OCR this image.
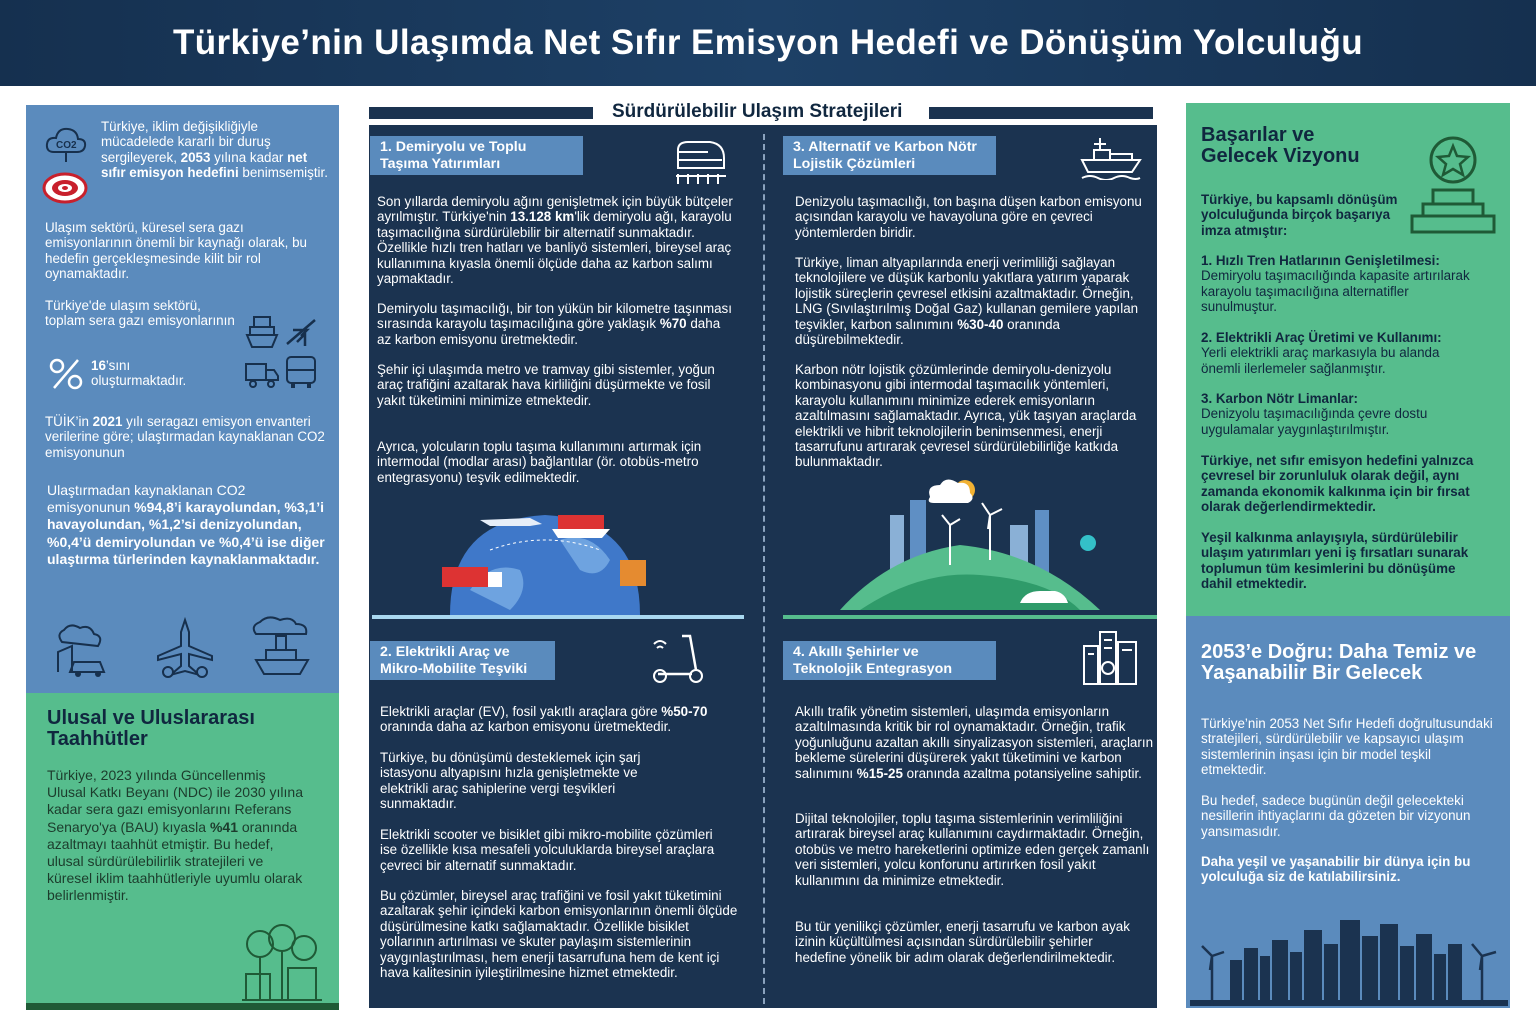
Türkiye’nin Ulaşımda Net Sıfır Emisyon Hedefi ve Dönüşüm Yolculuğu
CO2
Türkiye, iklim değişikliğiyle mücadelede kararlı bir duruş sergileyerek, 2053 yılına kadar net sıfır emisyon hedefini benimsemiştir.
Ulaşım sektörü, küresel sera gazı emisyonlarının önemli bir kaynağı olarak, bu hedefin gerçekleşmesinde kilit bir rol oynamaktadır.
Türkiye'de ulaşım sektörü, toplam sera gazı emisyonlarının
16’sını oluşturmaktadır.
TÜİK’in 2021 yılı seragazı emisyon envanteri verilerine göre; ulaştırmadan kaynaklanan CO2 emisyonunun
Ulaştırmadan kaynaklanan CO2 emisyonunun %94,8’i karayolundan, %3,1’i havayolundan, %1,2’si denizyolundan, %0,4’ü demiryolundan ve %0,4’ü ise diğer ulaştırma türlerinden kaynaklanmaktadır.
Ulusal ve Uluslararası Taahhütler
Türkiye, 2023 yılında Güncellenmiş Ulusal Katkı Beyanı (NDC) ile 2030 yılına kadar sera gazı emisyonlarını Referans Senaryo'ya (BAU) kıyasla %41 oranında azaltmayı taahhüt etmiştir. Bu hedef, ulusal sürdürülebilirlik stratejileri ve küresel iklim taahhütleriyle uyumlu olarak belirlenmiştir.
Sürdürülebilir Ulaşım Stratejileri
1. Demiryolu ve Toplu Taşıma Yatırımları
Son yıllarda demiryolu ağını genişletmek için büyük bütçeler ayrılmıştır. Türkiye'nin 13.128 km'lik demiryolu ağı, karayolu taşımacılığına sürdürülebilir bir alternatif sunmaktadır. Özellikle hızlı tren hatları ve banliyö sistemleri, bireysel araç kullanımına kıyasla önemli ölçüde daha az karbon salımı yapmaktadır.
Demiryolu taşımacılığı, bir ton yükün bir kilometre taşınması sırasında karayolu taşımacılığına göre yaklaşık %70 daha az karbon emisyonu üretmektedir.
Şehir içi ulaşımda metro ve tramvay gibi sistemler, yoğun araç trafiğini azaltarak hava kirliliğini düşürmekte ve fosil yakıt tüketimini minimize etmektedir.
Ayrıca, yolcuların toplu taşıma kullanımını artırmak için intermodal (modlar arası) bağlantılar (ör. otobüs-metro entegrasyonu) teşvik edilmektedir.
2. Elektrikli Araç ve Mikro-Mobilite Teşviki
Elektrikli araçlar (EV), fosil yakıtlı araçlara göre %50-70 oranında daha az karbon emisyonu üretmektedir.
Türkiye, bu dönüşümü desteklemek için şarj istasyonu altyapısını hızla genişletmekte ve elektrikli araç sahiplerine vergi teşvikleri sunmaktadır.
Elektrikli scooter ve bisiklet gibi mikro-mobilite çözümleri ise özellikle kısa mesafeli yolculuklarda bireysel araçlara çevreci bir alternatif sunmaktadır.
Bu çözümler, bireysel araç trafiğini ve fosil yakıt tüketimini azaltarak şehir içindeki karbon emisyonlarının önemli ölçüde düşürülmesine katkı sağlamaktadır. Özellikle bisiklet yollarının artırılması ve skuter paylaşım sistemlerinin yaygınlaştırılması, hem enerji tasarrufuna hem de kent içi hava kalitesinin iyileştirilmesine hizmet etmektedir.
3. Alternatif ve Karbon Nötr Lojistik Çözümleri
Denizyolu taşımacılığı, ton başına düşen karbon emisyonu açısından karayolu ve havayoluna göre en çevreci yöntemlerden biridir.
Türkiye, liman altyapılarında enerji verimliliği sağlayan teknolojilere ve düşük karbonlu yakıtlara yatırım yaparak lojistik süreçlerin çevresel etkisini azaltmaktadır. Örneğin, LNG (Sıvılaştırılmış Doğal Gaz) kullanan gemilere yapılan teşvikler, karbon salınımını %30-40 oranında düşürebilmektedir.
Karbon nötr lojistik çözümlerinde demiryolu-denizyolu kombinasyonu gibi intermodal taşımacılık yöntemleri, karayolu kullanımını minimize ederek emisyonların azaltılmasını sağlamaktadır. Ayrıca, yük taşıyan araçlarda elektrikli ve hibrit teknolojilerin benimsenmesi, enerji tasarrufunu artırarak çevresel sürdürülebilirliğe katkıda bulunmaktadır.
4. Akıllı Şehirler ve Teknolojik Entegrasyon
Akıllı trafik yönetim sistemleri, ulaşımda emisyonların azaltılmasında kritik bir rol oynamaktadır. Örneğin, trafik yoğunluğunu azaltan akıllı sinyalizasyon sistemleri, araçların bekleme sürelerini düşürerek yakıt tüketimini ve karbon salınımını %15-25 oranında azaltma potansiyeline sahiptir.
Dijital teknolojiler, toplu taşıma sistemlerinin verimliliğini artırarak bireysel araç kullanımını caydırmaktadır. Örneğin, otobüs ve metro hareketlerini optimize eden gerçek zamanlı veri sistemleri, yolcu konforunu artırırken fosil yakıt kullanımını da minimize etmektedir.
Bu tür yenilikçi çözümler, enerji tasarrufu ve karbon ayak izinin küçültülmesi açısından sürdürülebilir şehirler hedefine yönelik bir adım olarak değerlendirilmektedir.
Başarılar ve Gelecek Vizyonu
Türkiye, bu kapsamlı dönüşüm yolculuğunda birçok başarıya imza atmıştır:
1. Hızlı Tren Hatlarının Genişletilmesi:
Demiryolu taşımacılığında kapasite artırılarak karayolu taşımacılığına alternatifler sunulmuştur.
2. Elektrikli Araç Üretimi ve Kullanımı:
Yerli elektrikli araç markasıyla bu alanda önemli ilerlemeler sağlanmıştır.
3. Karbon Nötr Limanlar:
Denizyolu taşımacılığında çevre dostu uygulamalar yaygınlaştırılmıştır.
Türkiye, net sıfır emisyon hedefini yalnızca çevresel bir zorunluluk olarak değil, aynı zamanda ekonomik kalkınma için bir fırsat olarak değerlendirmektedir.
Yeşil kalkınma anlayışıyla, sürdürülebilir ulaşım yatırımları yeni iş fırsatları sunarak toplumun tüm kesimlerini bu dönüşüme dahil etmektedir.
2053’e Doğru: Daha Temiz ve Yaşanabilir Bir Gelecek
Türkiye’nin 2053 Net Sıfır Hedefi doğrultusundaki stratejileri, sürdürülebilir ve kapsayıcı ulaşım sistemlerinin inşası için bir model teşkil etmektedir.
Bu hedef, sadece bugünün değil gelecekteki nesillerin ihtiyaçlarını da gözeten bir vizyonun yansımasıdır.
Daha yeşil ve yaşanabilir bir dünya için bu yolculuğa siz de katılabilirsiniz.
